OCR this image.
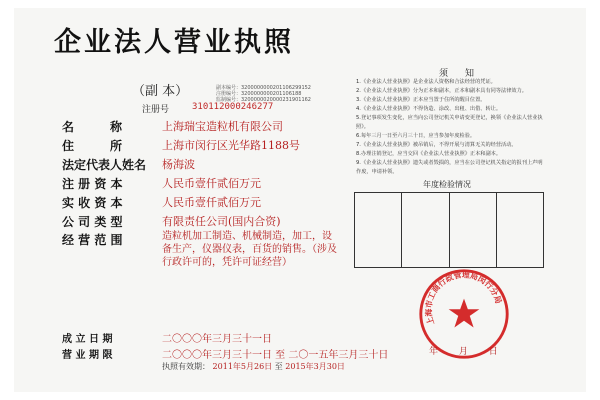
企业法人营业执照
（副 本）	副本编号：3200000000201106299152
注册编号：3200000000201106188
监制编号：3200000020000231901162
注册号	310112000246277
名　　　称	上海瑞宝造粒机有限公司
住　　　所	上海市闵行区光华路1188号
法定代表人姓名 杨海波
注 册 资 本	人民币壹仟贰佰万元
实 收 资 本	人民币壹仟贰佰万元
公 司 类 型	有限责任公司(国内合资)
经 营 范 围	造粒机加工制造、机械制造，加工，设备生产，仪器仪表，百货的销售。（涉及行政许可的，凭许可证经营）
须　知
1.《企业法人营业执照》是企业法人资格和合法经营的凭证。
2.《企业法人营业执照》分为正本和副本，正本和副本具有同等法律效力。
3.《企业法人营业执照》正本应当置于住所的醒目位置。
4.《企业法人营业执照》不得伪造、涂改、出租、出借、转让。
5.登记事项发生变化，应当向公司登记机关申请变更登记，换领《企业法人营业执照》。
6.每年三月一日至六月三十日，应当参加年度检验。
7.《企业法人营业执照》被吊销后，不得开展与清算无关的经营活动。
8.办理注销登记，应当交回《企业法人营业执照》正本和副本。
9.《企业法人营业执照》遗失或者毁损的，应当在公司登记机关指定的报刊上声明作废，申请补领。
年度检验情况
上海市工商行政管理局闵行分局
年 月 日
成 立 日 期	二〇〇〇年三月三十一日
营 业 期 限	二〇〇〇年三月三十一日 至 二〇一五年三月三十日
执照有效期： 2011年5月26日 至 2015年3月30日
